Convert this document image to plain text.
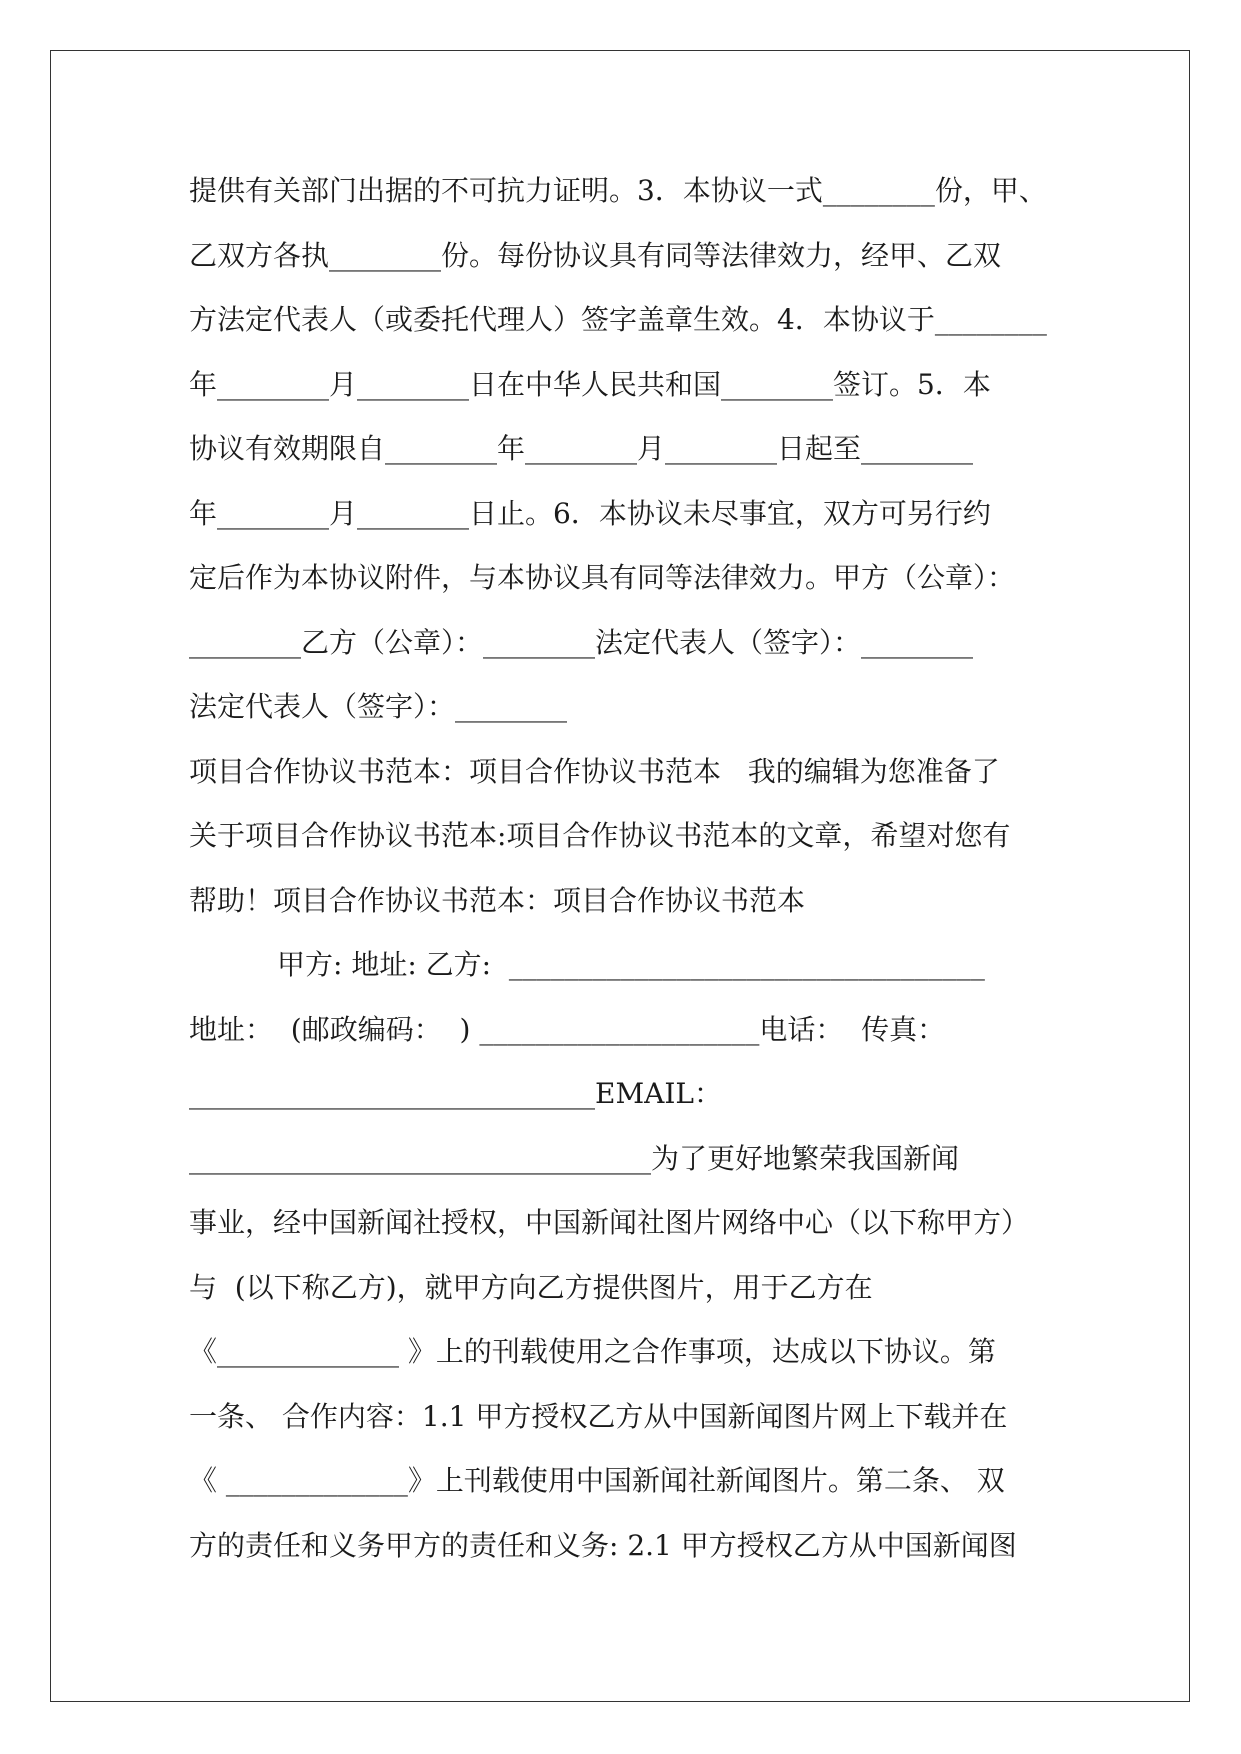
提供有关部门出据的不可抗力证明。3．本协议一式________份，甲、
乙双方各执________份。每份协议具有同等法律效力，经甲、乙双
方法定代表人（或委托代理人）签字盖章生效。4．本协议于________
年________月________日在中华人民共和国________签订。5．本
协议有效期限自________年________月________日起至________
年________月________日止。6．本协议未尽事宜，双方可另行约
定后作为本协议附件，与本协议具有同等法律效力。甲方（公章）：
________乙方（公章）：________法定代表人（签字）：________
法定代表人（签字）：________
项目合作协议书范本：项目合作协议书范本   我的编辑为您准备了
关于项目合作协议书范本:项目合作协议书范本的文章，希望对您有
帮助！项目合作协议书范本：项目合作协议书范本
甲方: 地址: 乙方:  __________________________________
地址：  (邮政编码：  ) ____________________电话：  传真：
_____________________________EMAIL：
_________________________________为了更好地繁荣我国新闻
事业，经中国新闻社授权，中国新闻社图片网络中心（以下称甲方）
与  (以下称乙方)，就甲方向乙方提供图片，用于乙方在
《_____________ 》上的刊载使用之合作事项，达成以下协议。第
一条、 合作内容：1.1 甲方授权乙方从中国新闻图片网上下载并在
《 _____________》上刊载使用中国新闻社新闻图片。第二条、 双
方的责任和义务甲方的责任和义务: 2.1 甲方授权乙方从中国新闻图
